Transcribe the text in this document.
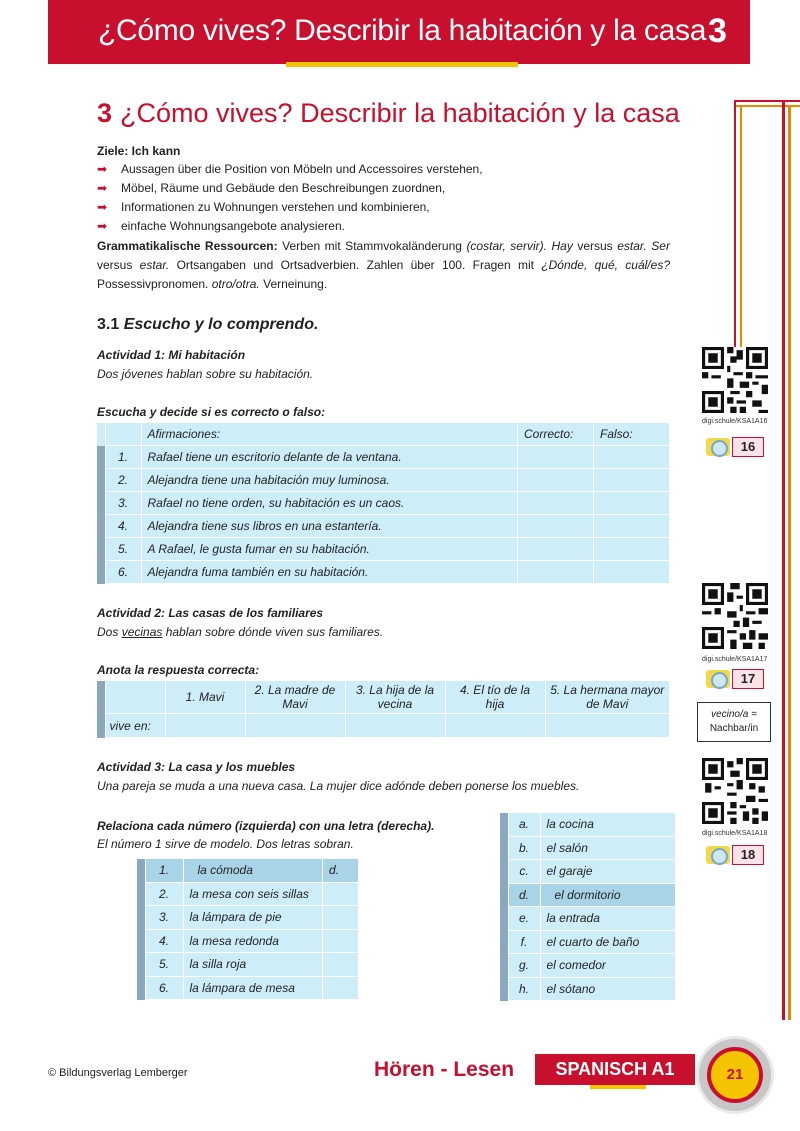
¿Cómo vives? Describir la habitación y la casa 3
3 ¿Cómo vives? Describir la habitación y la casa
Ziele: Ich kann
➡ Aussagen über die Position von Möbeln und Accessoires verstehen,
➡ Möbel, Räume und Gebäude den Beschreibungen zuordnen,
➡ Informationen zu Wohnungen verstehen und kombinieren,
➡ einfache Wohnungsangebote analysieren.
Grammatikalische Ressourcen: Verben mit Stammvokaländerung (costar, servir). Hay versus estar. Ser versus estar. Ortsangaben und Ortsadverbien. Zahlen über 100. Fragen mit ¿Dónde, qué, cuál/es? Possessivpronomen. otro/otra. Verneinung.
3.1 Escucho y lo comprendo.
Actividad 1: Mi habitación
Dos jóvenes hablan sobre su habitación.
Escucha y decide si es correcto o falso:
		Afirmaciones:	Correcto:	Falso:
	1.	Rafael tiene un escritorio delante de la ventana.		
	2.	Alejandra tiene una habitación muy luminosa.		
	3.	Rafael no tiene orden, su habitación es un caos.		
	4.	Alejandra tiene sus libros en una estantería.		
	5.	A Rafael, le gusta fumar en su habitación.		
	6.	Alejandra fuma también en su habitación.		
Actividad 2: Las casas de los familiares
Dos vecinas hablan sobre dónde viven sus familiares.
Anota la respuesta correcta:
		1. Mavi	2. La madre de Mavi	3. La hija de la vecina	4. El tío de la hija	5. La hermana mayor de Mavi
	vive en:					
Actividad 3: La casa y los muebles
Una pareja se muda a una nueva casa. La mujer dice adónde deben ponerse los muebles.
Relaciona cada número (izquierda) con una letra (derecha).
El número 1 sirve de modelo. Dos letras sobran.
	1.	la cómoda	d.
	2.	la mesa con seis sillas	
	3.	la lámpara de pie	
	4.	la mesa redonda	
	5.	la silla roja	
	6.	la lámpara de mesa	
	a.	la cocina
	b.	el salón
	c.	el garaje
	d.	el dormitorio
	e.	la entrada
	f.	el cuarto de baño
	g.	el comedor
	h.	el sótano
digi.schule/KSA1A16
16
digi.schule/KSA1A17
17
vecino/a =
Nachbar/in
digi.schule/KSA1A18
18
© Bildungsverlag Lemberger	Hören - Lesen	SPANISCH A1	21
